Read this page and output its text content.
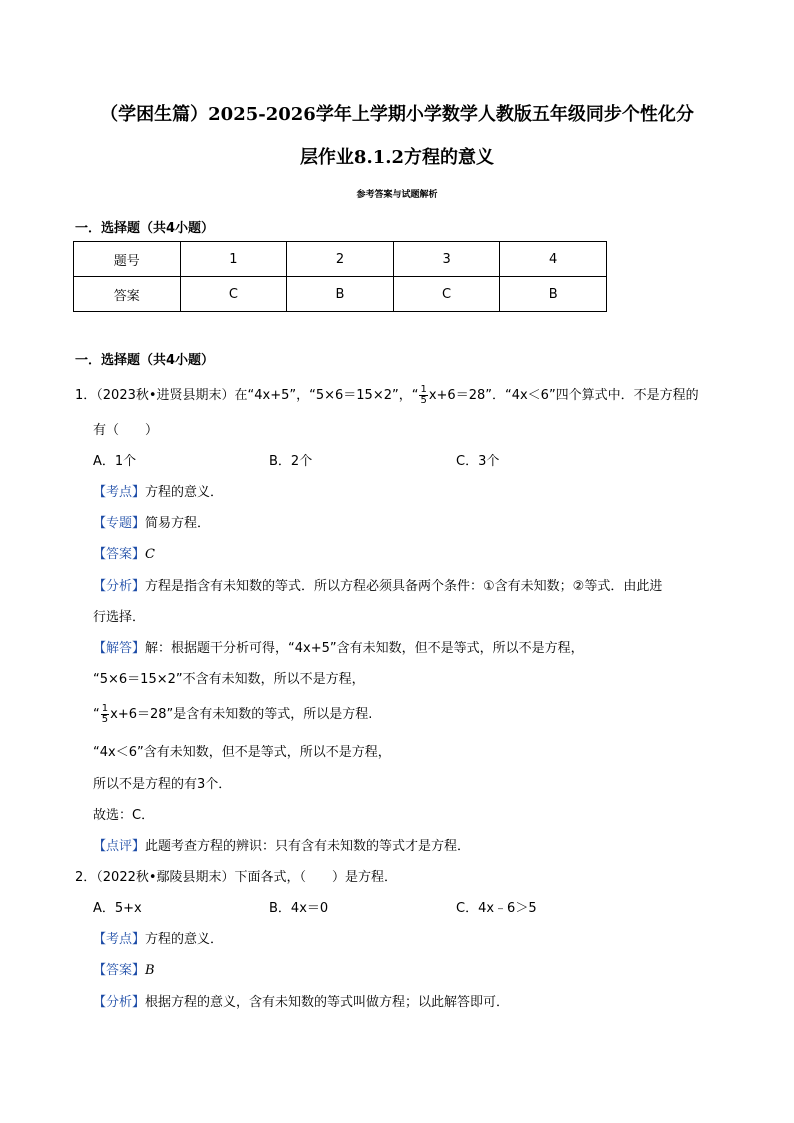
（学困生篇）2025-2026学年上学期小学数学人教版五年级同步个性化分
层作业8.1.2方程的意义
参考答案与试题解析
一．选择题（共4小题）
题号	1	2	3	4
答案	C	B	C	B
一．选择题（共4小题）
1．（2023秋•进贤县期末）在“4x+5”，“5×6＝15×2”，“ $\frac{1}{5} x+6=28$”．“4x＜6”四个算式中．不是方程的
有（　　）
A．1个	B．2个	C．3个
【考点】方程的意义．
【专题】简易方程．
【答案】C
【分析】方程是指含有未知数的等式．所以方程必须具备两个条件：①含有未知数；②等式．由此进
行选择．
【解答】解：根据题干分析可得，“4x+5”含有未知数，但不是等式，所以不是方程，
“5×6＝15×2”不含有未知数，所以不是方程，
“ $\frac{1}{5} x+6=28$”是含有未知数的等式，所以是方程.
“4x＜6”含有未知数，但不是等式，所以不是方程，
所以不是方程的有3个．
故选：C．
【点评】此题考查方程的辨识：只有含有未知数的等式才是方程．
2．（2022秋•鄢陵县期末）下面各式，（　　）是方程．
A．5+x	B．4x＝0	C．4x﹣6＞5
【考点】方程的意义．
【答案】B
【分析】根据方程的意义，含有未知数的等式叫做方程；以此解答即可．
